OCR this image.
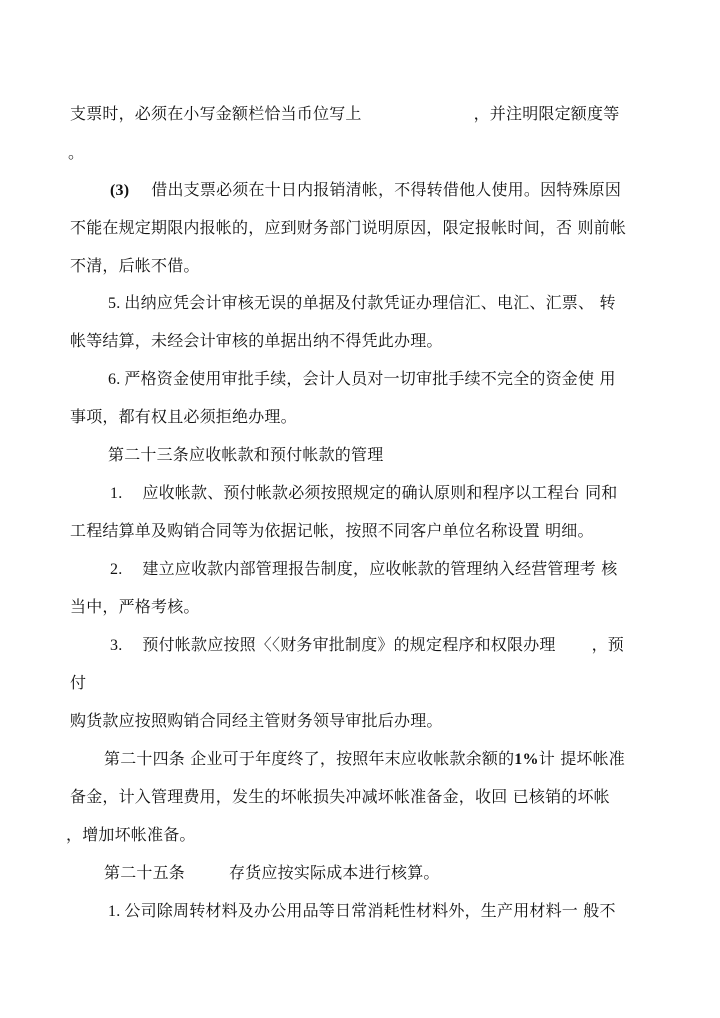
支票时，必须在小写金额栏恰当币位写上	，并注明限定额度等
。
(3) 借出支票必须在十日内报销清帐，不得转借他人使用。因特殊原因
不能在规定期限内报帐的，应到财务部门说明原因，限定报帐时间，否 则前帐
不清，后帐不借。
5. 出纳应凭会计审核无误的单据及付款凭证办理信汇、电汇、汇票、 转
帐等结算，未经会计审核的单据出纳不得凭此办理。
6. 严格资金使用审批手续，会计人员对一切审批手续不完全的资金使 用
事项，都有权且必须拒绝办理。
第二十三条应收帐款和预付帐款的管理
1. 应收帐款、预付帐款必须按照规定的确认原则和程序以工程台 同和
工程结算单及购销合同等为依据记帐，按照不同客户单位名称设置 明细。
2. 建立应收款内部管理报告制度，应收帐款的管理纳入经营管理考 核
当中，严格考核。
3. 预付帐款应按照〈〈财务审批制度》的规定程序和权限办理 ，预
付
购货款应按照购销合同经主管财务领导审批后办理。
第二十四条 企业可于年度终了，按照年末应收帐款余额的1%计 提坏帐准
备金，计入管理费用，发生的坏帐损失冲减坏帐准备金，收回 已核销的坏帐
，增加坏帐准备。
第二十五条	存货应按实际成本进行核算。
1. 公司除周转材料及办公用品等日常消耗性材料外，生产用材料一 般不
